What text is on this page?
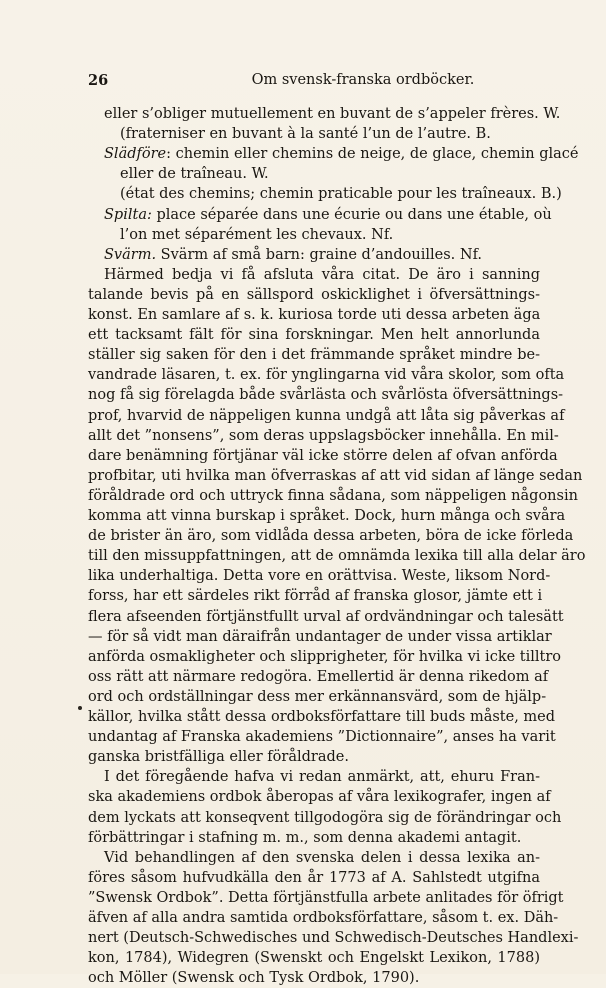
26	Om svensk-franska ordböcker.
eller s’obliger mutuellement en buvant de s’appeler frères. W.
(fraterniser en buvant à la santé l’un de l’autre. B.
Slädföre: chemin eller chemins de neige, de glace, chemin glacé
eller de traîneau. W.
(état des chemins; chemin praticable pour les traîneaux. B.)
Spilta: place séparée dans une écurie ou dans une étable, où
l’on met séparément les chevaux. Nf.
Svärm. Svärm af små barn: graine d’andouilles. Nf.
Härmed bedja vi få afsluta våra citat. De äro i sanning
talande bevis på en sällspord oskicklighet i öfversättnings-
konst. En samlare af s. k. kuriosa torde uti dessa arbeten äga
ett tacksamt fält för sina forskningar. Men helt annorlunda
ställer sig saken för den i det främmande språket mindre be-
vandrade läsaren, t. ex. för ynglingarna vid våra skolor, som ofta
nog få sig förelagda både svårlästa och svårlösta öfversättnings-
prof, hvarvid de näppeligen kunna undgå att låta sig påverkas af
allt det ”nonsens”, som deras uppslagsböcker innehålla. En mil-
dare benämning förtjänar väl icke större delen af ofvan anförda
profbitar, uti hvilka man öfverraskas af att vid sidan af länge sedan
föråldrade ord och uttryck finna sådana, som näppeligen någonsin
komma att vinna burskap i språket. Dock, hurn många och svåra
de brister än äro, som vidlåda dessa arbeten, böra de icke förleda
till den missuppfattningen, att de omnämda lexika till alla delar äro
lika underhaltiga. Detta vore en orättvisa. Weste, liksom Nord-
forss, har ett särdeles rikt förråd af franska glosor, jämte ett i
flera afseenden förtjänstfullt urval af ordvändningar och talesätt
— för så vidt man däraifrån undantager de under vissa artiklar
anförda osmakligheter och slipprigheter, för hvilka vi icke tilltro
oss rätt att närmare redogöra. Emellertid är denna rikedom af
ord och ordställningar dess mer erkännansvärd, som de hjälp-
källor, hvilka stått dessa ordboksförfattare till buds måste, med
undantag af Franska akademiens ”Dictionnaire”, anses ha varit
ganska bristfälliga eller föråldrade.
I det föregående hafva vi redan anmärkt, att, ehuru Fran-
ska akademiens ordbok åberopas af våra lexikografer, ingen af
dem lyckats att konseqvent tillgodogöra sig de förändringar och
förbättringar i stafning m. m., som denna akademi antagit.
Vid behandlingen af den svenska delen i dessa lexika an-
föres såsom hufvudkälla den år 1773 af A. Sahlstedt utgifna
”Swensk Ordbok”. Detta förtjänstfulla arbete anlitades för öfrigt
äfven af alla andra samtida ordboksförfattare, såsom t. ex. Däh-
nert (Deutsch-Schwedisches und Schwedisch-Deutsches Handlexi-
kon, 1784), Widegren (Swenskt och Engelskt Lexikon, 1788)
och Möller (Swensk och Tysk Ordbok, 1790).
